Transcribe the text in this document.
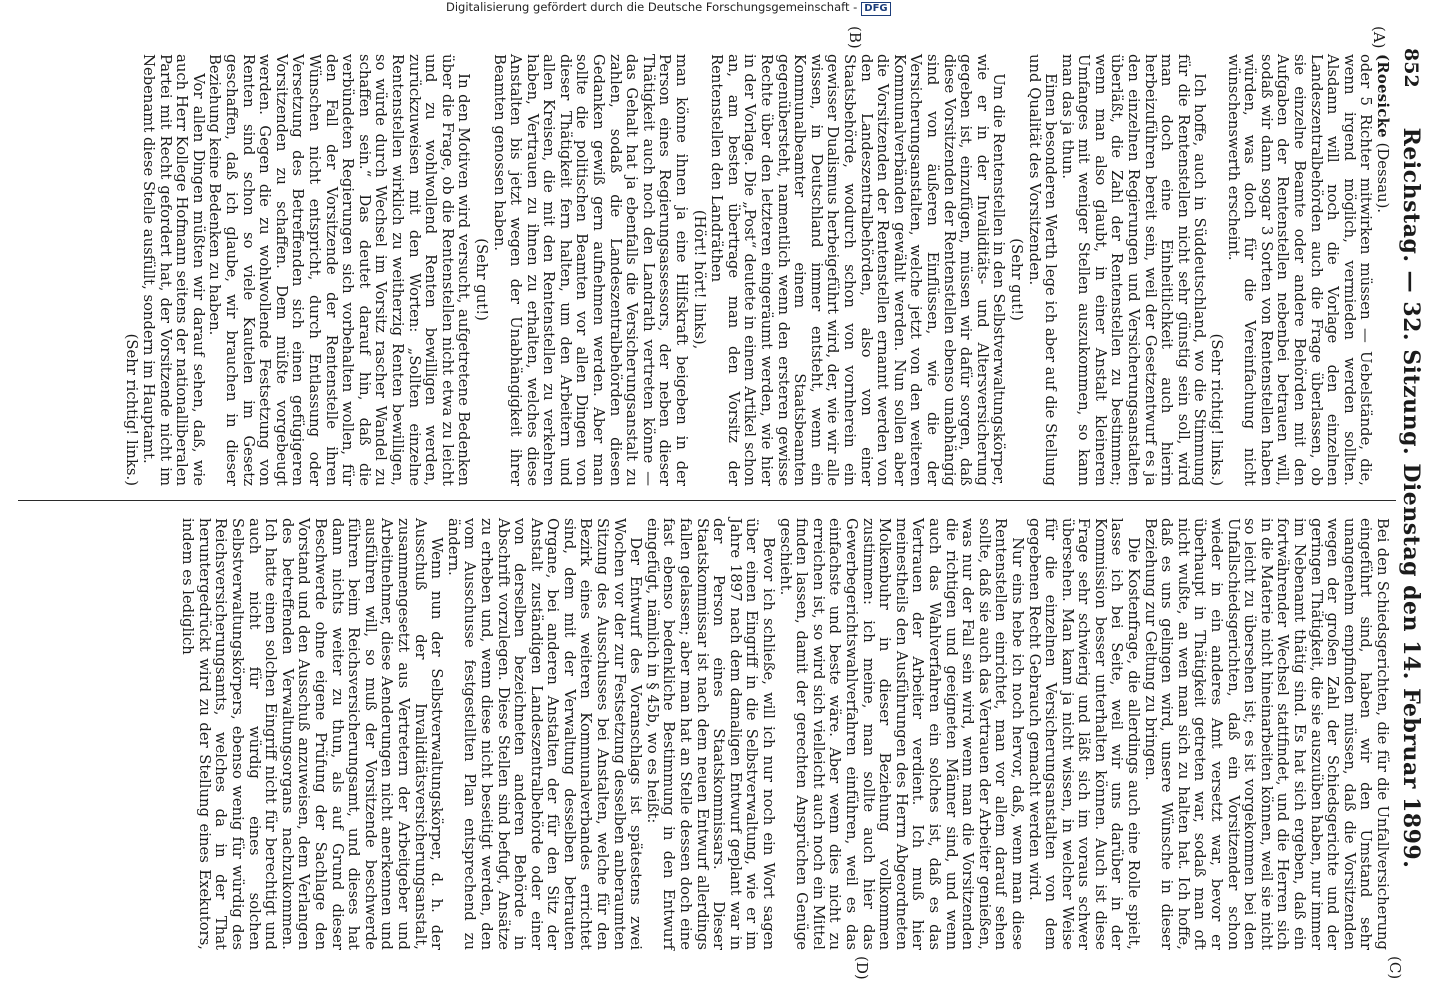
852
Reichstag. — 32. Sitzung. Dienstag den 14. Februar 1899.
(A)
(B)
(C)
(D)

(Roesicke (Dessau).

oder 5 Richter mitwirken müssen — Uebelstände, die, wenn irgend möglich, vermieden werden sollten. Alsdann will noch die Vorlage den einzelnen Landeszentralbehörden auch die Frage überlassen, ob sie einzelne Beamte oder andere Behörden mit den Aufgaben der Rentenstellen nebenbei betrauen will, sodaß wir dann sogar 3 Sorten von Rentenstellen haben würden, was doch für die Vereinfachung nicht wünschenswerth erscheint.

(Sehr richtig! links.)

Ich hoffe, auch in Süddeutschland, wo die Stimmung für die Rentenstellen nicht sehr günstig sein soll, wird man doch eine Einheitlichkeit auch hierin herbeizuführen bereit sein, weil der Gesetzentwurf es ja den einzelnen Regierungen und Versicherungsanstalten überläßt, die Zahl der Rentenstellen zu bestimmen; wenn man also glaubt, in einer Anstalt kleineren Umfanges mit weniger Stellen auszukommen, so kann man das ja thun.

Einen besonderen Werth lege ich aber auf die Stellung und Qualität des Vorsitzenden.

(Sehr gut!)

Um die Rentenstellen in den Selbstverwaltungskörper, wie er in der Invaliditäts- und Altersversicherung gegeben ist, einzufügen, müssen wir dafür sorgen, daß diese Vorsitzenden der Rentenstellen ebenso unabhängig sind von äußeren Einflüssen, wie die der Versicherungsanstalten, welche jetzt von den weiteren Kommunalverbänden gewählt werden. Nun sollen aber die Vorsitzenden der Rentenstellen ernannt werden von den Landeszentralbehörden, also von einer Staatsbehörde, wodurch schon von vornherein ein gewisser Dualismus herbeigeführt wird, der, wie wir alle wissen, in Deutschland immer entsteht, wenn ein Kommunalbeamter einem Staatsbeamten gegenübersteht, namentlich wenn den ersteren gewisse Rechte über den letzteren eingeräumt werden, wie hier in der Vorlage. Die „Post“ deutete in einem Artikel schon an, am besten übertrage man den Vorsitz der Rentenstellen den Landräthen

(Hört! hört! links),

man könne ihnen ja eine Hilfskraft beigeben in der Person eines Regierungsassessors, der neben dieser Thätigkeit auch noch den Landrath vertreten könne — das Gehalt hat ja ebenfalls die Versicherungsanstalt zu zahlen, sodaß die Landeszentralbehörden diesen Gedanken gewiß gern aufnehmen werden. Aber man sollte die politischen Beamten vor allen Dingen von dieser Thätigkeit fern halten, um den Arbeitern und allen Kreisen, die mit den Rentenstellen zu verkehren haben, Vertrauen zu ihnen zu erhalten, welches diese Anstalten bis jetzt wegen der Unabhängigkeit ihrer Beamten genossen haben.

(Sehr gut!)

In den Motiven wird versucht, aufgetretene Bedenken über die Frage, ob die Rentenstellen nicht etwa zu leicht und zu wohlwollend Renten bewilligen werden, zurückzuweisen mit den Worten: „Sollten einzelne Rentenstellen wirklich zu weitherzig Renten bewilligen, so würde durch Wechsel im Vorsitz rascher Wandel zu schaffen sein.“ Das deutet darauf hin, daß die verbündeten Regierungen sich vorbehalten wollen, für den Fall der Vorsitzende der Rentenstelle ihren Wünschen nicht entspricht, durch Entlassung oder Versetzung des Betreffenden sich einen gefügigeren Vorsitzenden zu schaffen. Dem müßte vorgebeugt werden. Gegen die zu wohlwollende Festsetzung von Renten sind schon so viele Kautelen im Gesetz geschaffen, daß ich glaube, wir brauchen in dieser Beziehung keine Bedenken zu haben.

Vor allen Dingen müßten wir darauf sehen, daß, wie auch Herr Kollege Hofmann seitens der nationalliberalen Partei mit Recht gefordert hat, der Vorsitzende nicht im Nebenamt diese Stelle ausfüllt, sondern im Hauptamt.

(Sehr richtig! links.)

Bei den Schiedsgerichten, die für die Unfallversicherung eingeführt sind, haben wir den Umstand sehr unangenehm empfinden müssen, daß die Vorsitzenden wegen der großen Zahl der Schiedsgerichte und der geringen Thätigkeit, die sie auszuüben haben, nur immer im Nebenamt thätig sind. Es hat sich ergeben, daß ein fortwährender Wechsel stattfindet, und die Herren sich in die Materie nicht hineinarbeiten können, weil sie nicht so leicht zu übersehen ist; es ist vorgekommen bei den Unfallschiedsgerichten, daß ein Vorsitzender schon wieder in ein anderes Amt versetzt war, bevor er überhaupt in Thätigkeit getreten war, sodaß man oft nicht wußte, an wen man sich zu halten hat. Ich hoffe, daß es uns gelingen wird, unsere Wünsche in dieser Beziehung zur Geltung zu bringen.

Die Kostenfrage, die allerdings auch eine Rolle spielt, lasse ich bei Seite, weil wir uns darüber in der Kommission besser unterhalten können. Auch ist diese Frage sehr schwierig und läßt sich im voraus schwer übersehen. Man kann ja nicht wissen, in welcher Weise für die einzelnen Versicherungsanstalten von dem gegebenen Recht Gebrauch gemacht werden wird.

Nur eins hebe ich noch hervor, daß, wenn man diese Rentenstellen einrichtet, man vor allem darauf sehen sollte, daß sie auch das Vertrauen der Arbeiter genießen, was nur der Fall sein wird, wenn man die Vorsitzenden die richtigen und geeigneten Männer sind, und wenn auch das Wahlverfahren ein solches ist, daß es das Vertrauen der Arbeiter verdient. Ich muß hier meinestheils den Ausführungen des Herrn Abgeordneten Molkenbuhr in dieser Beziehung vollkommen zustimmen: ich meine, man sollte auch hier das Gewerbegerichtswahlverfahren einführen, weil es das einfachste und beste wäre. Aber wenn dies nicht zu erreichen ist, so wird sich vielleicht auch noch ein Mittel finden lassen, damit der gerechten Ansprüchen Genüge geschieht.

Bevor ich schließe, will ich nur noch ein Wort sagen über einen Eingriff in die Selbstverwaltung, wie er im Jahre 1897 nach dem damaligen Entwurf geplant war in der Person eines Staatskommissars. Dieser Staatskommissar ist nach dem neuen Entwurf allerdings fallen gelassen; aber man hat an Stelle dessen doch eine fast ebenso bedenkliche Bestimmung in den Entwurf eingefügt, nämlich in § 45b, wo es heißt:

Der Entwurf des Voranschlags ist spätestens zwei Wochen vor der zur Festsetzung desselben anberaumten Sitzung des Ausschusses bei Anstalten, welche für den Bezirk eines weiteren Kommunalverbandes errichtet sind, dem mit der Verwaltung desselben betrauten Organe, bei anderen Anstalten der für den Sitz der Anstalt zuständigen Landeszentralbehörde oder einer von derselben bezeichneten anderen Behörde in Abschrift vorzulegen. Diese Stellen sind befugt, Ansätze zu erheben und, wenn diese nicht beseitigt werden, den vom Ausschusse festgestellten Plan entsprechend zu ändern.

Wenn nun der Selbstverwaltungskörper, d. h. der Ausschuß der Invaliditätsversicherungsanstalt, zusammengesetzt aus Vertretern der Arbeitgeber und Arbeitnehmer, diese Aenderungen nicht anerkennen und ausführen will, so muß der Vorsitzende beschwerde führen beim Reichsversicherungsamt, und dieses hat dann nichts weiter zu thun, als auf Grund dieser Beschwerde ohne eigene Prüfung der Sachlage den Vorstand und den Ausschuß anzuweisen, dem Verlangen des betreffenden Verwaltungsorgans nachzukommen. Ich hatte einen solchen Eingriff nicht für berechtigt und auch nicht für würdig eines solchen Selbstverwaltungskörpers, ebenso wenig für würdig des Reichsversicherungsamts, welches da in der That heruntergedrückt wird zu der Stellung eines Exekutors, indem es lediglich

Digitalisierung gefördert durch die Deutsche Forschungsgemeinschaft - DFG
